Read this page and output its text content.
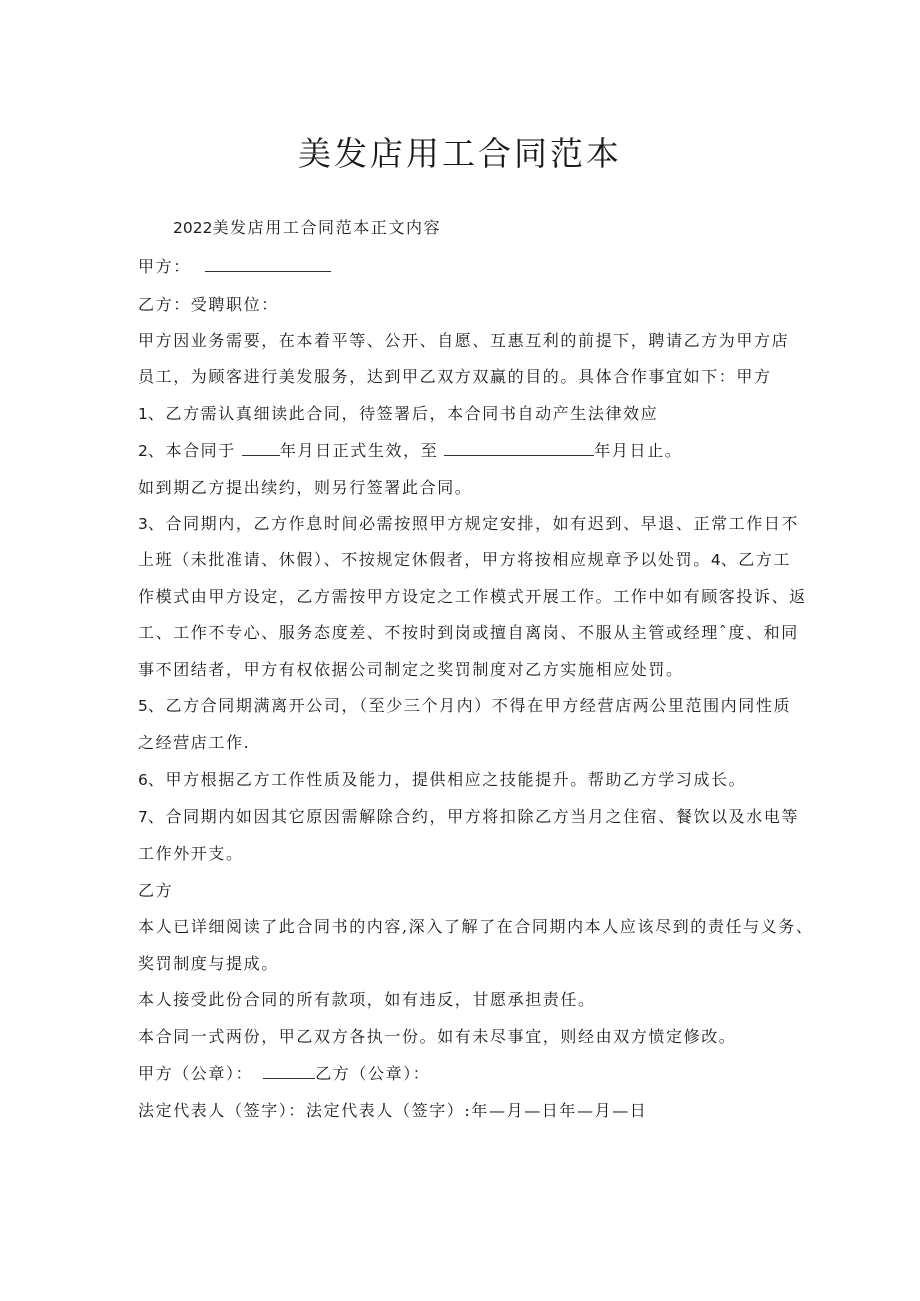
美发店用工合同范本
2022美发店用工合同范本正文内容
甲方：
乙方：受聘职位：
甲方因业务需要，在本着平等、公开、自愿、互惠互利的前提下，聘请乙方为甲方店
员工，为顾客进行美发服务，达到甲乙双方双赢的目的。具体合作事宜如下：甲方
1、乙方需认真细读此合同，待签署后，本合同书自动产生法律效应
2、本合同于	年月日正式生效，至	年月日止。
如到期乙方提出续约，则另行签署此合同。
3、合同期内，乙方作息时间必需按照甲方规定安排，如有迟到、早退、正常工作日不
上班（未批准请、休假）、不按规定休假者，甲方将按相应规章予以处罚。4、乙方工
作模式由甲方设定，乙方需按甲方设定之工作模式开展工作。工作中如有顾客投诉、返
工、工作不专心、服务态度差、不按时到岗或擅自离岗、不服从主管或经理ˆ度、和同
事不团结者，甲方有权依据公司制定之奖罚制度对乙方实施相应处罚。
5、乙方合同期满离开公司，（至少三个月内）不得在甲方经营店两公里范围内同性质
之经营店工作.
6、甲方根据乙方工作性质及能力，提供相应之技能提升。帮助乙方学习成长。
7、合同期内如因其它原因需解除合约，甲方将扣除乙方当月之住宿、餐饮以及水电等
工作外开支。
乙方
本人已详细阅读了此合同书的内容,深入了解了在合同期内本人应该尽到的责任与义务、
奖罚制度与提成。
本人接受此份合同的所有款项，如有违反，甘愿承担责任。
本合同一式两份，甲乙双方各执一份。如有未尽事宜，则经由双方愤定修改。
甲方（公章）：	乙方（公章）：
法定代表人（签字）：法定代表人（签字）:年—月—日年—月—日
